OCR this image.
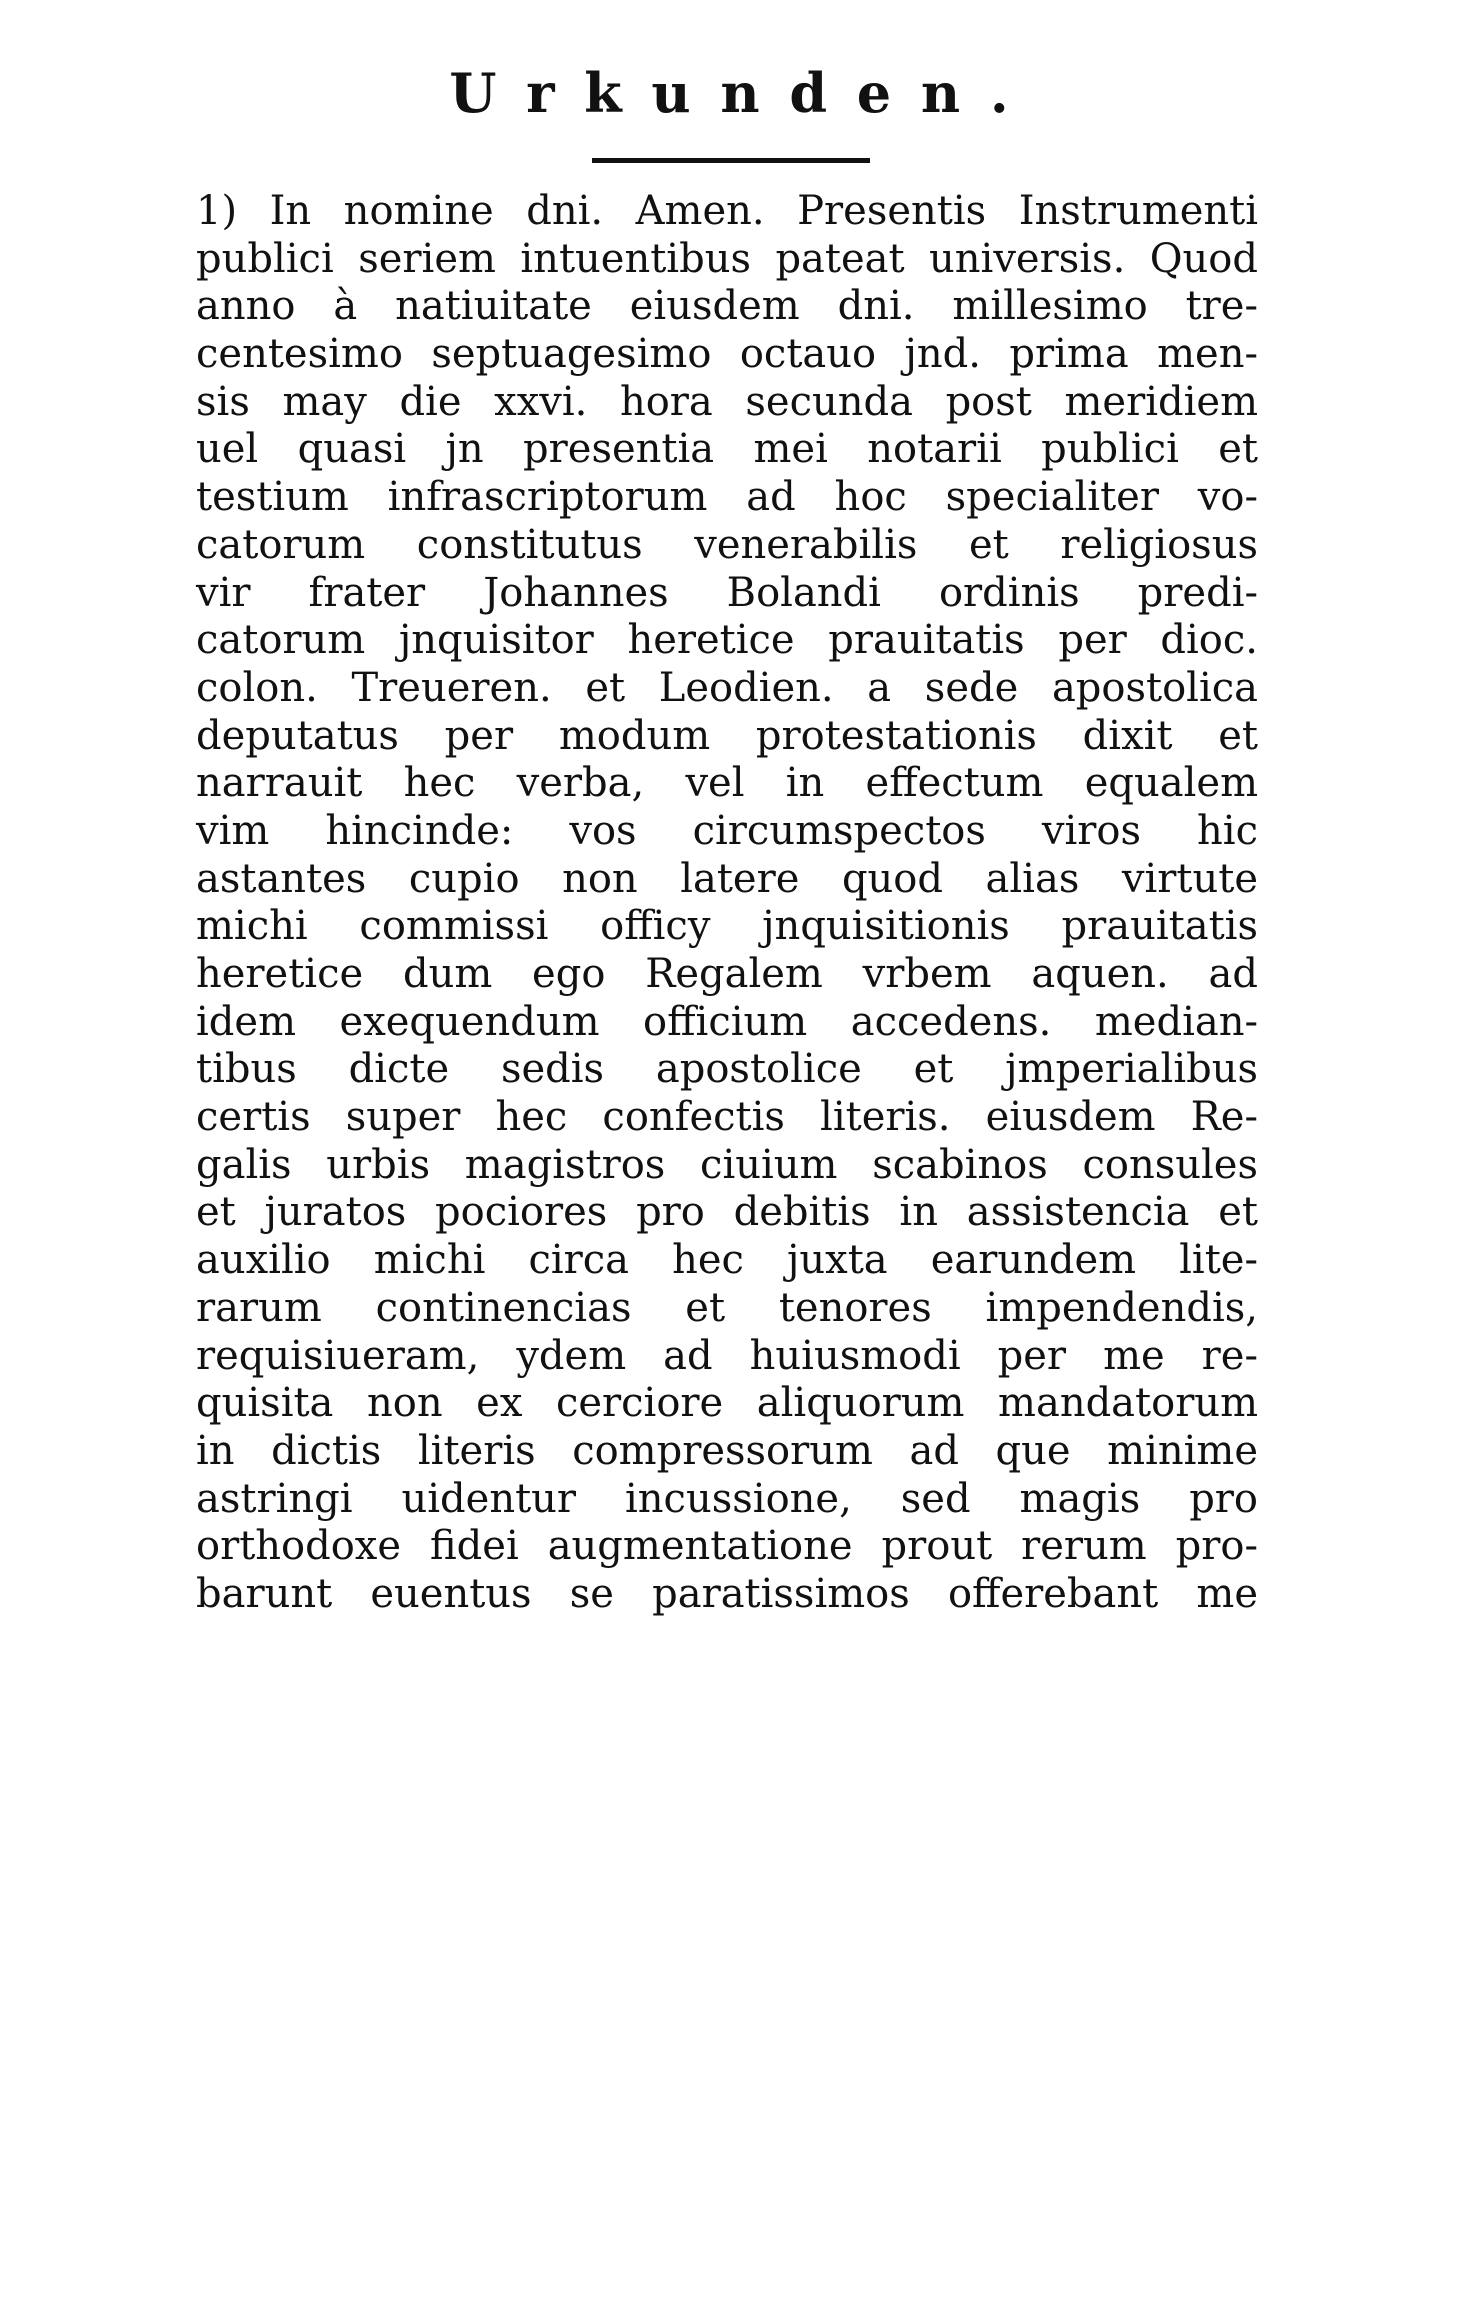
Urkunden.
1) In nomine dni. Amen. Presentis Instrumenti
publici seriem intuentibus pateat universis. Quod
anno à natiuitate eiusdem dni. millesimo tre-
centesimo septuagesimo octauo jnd. prima men-
sis may die xxvi. hora secunda post meridiem
uel quasi jn presentia mei notarii publici et
testium infrascriptorum ad hoc specialiter vo-
catorum constitutus venerabilis et religiosus
vir frater Johannes Bolandi ordinis predi-
catorum jnquisitor heretice prauitatis per dioc.
colon. Treueren. et Leodien. a sede apostolica
deputatus per modum protestationis dixit et
narrauit hec verba, vel in effectum equalem
vim hincinde: vos circumspectos viros hic
astantes cupio non latere quod alias virtute
michi commissi officy jnquisitionis prauitatis
heretice dum ego Regalem vrbem aquen. ad
idem exequendum officium accedens. median-
tibus dicte sedis apostolice et jmperialibus
certis super hec confectis literis. eiusdem Re-
galis urbis magistros ciuium scabinos consules
et juratos pociores pro debitis in assistencia et
auxilio michi circa hec juxta earundem lite-
rarum continencias et tenores impendendis,
requisiueram, ydem ad huiusmodi per me re-
quisita non ex cerciore aliquorum mandatorum
in dictis literis compressorum ad que minime
astringi uidentur incussione, sed magis pro
orthodoxe fidei augmentatione prout rerum pro-
barunt euentus se paratissimos offerebant me
